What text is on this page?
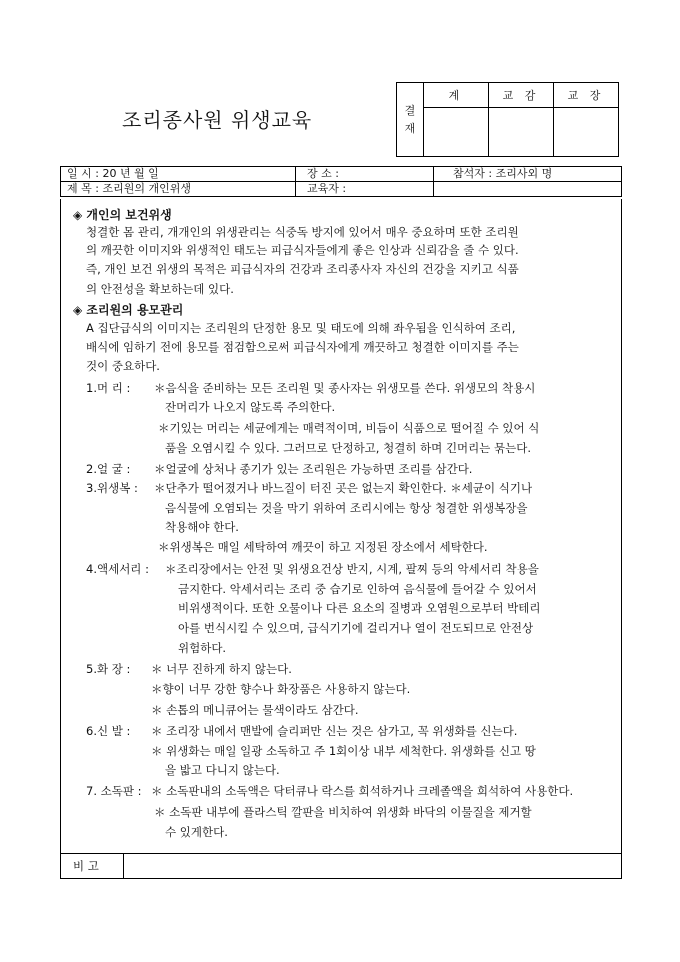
조리종사원 위생교육	결
재	계	교 감	교 장

일 시 : 20 년 월 일	장 소 :	참석자 : 조리사외 명
제 목 : 조리원의 개인위생	교육자 :
◈ 개인의 보건위생
청결한 몸 관리, 개개인의 위생관리는 식중독 방지에 있어서 매우 중요하며 또한 조리원
의 깨끗한 이미지와 위생적인 태도는 피급식자들에게 좋은 인상과 신뢰감을 줄 수 있다.
즉, 개인 보건 위생의 목적은 피급식자의 건강과 조리종사자 자신의 건강을 지키고 식품
의 안전성을 확보하는데 있다.
◈ 조리원의 용모관리
A 집단급식의 이미지는 조리원의 단정한 용모 및 태도에 의해 좌우됨을 인식하여 조리,
배식에 임하기 전에 용모를 점검함으로써 피급식자에게 깨끗하고 청결한 이미지를 주는
것이 중요하다.
1.머 리 : ＊음식을 준비하는 모든 조리원 및 종사자는 위생모를 쓴다. 위생모의 착용시
잔머리가 나오지 않도록 주의한다.
＊기있는 머리는 세균에게는 매력적이며, 비듬이 식품으로 떨어질 수 있어 식
품을 오염시킬 수 있다. 그러므로 단정하고, 청결히 하며 긴머리는 묶는다.
2.얼 굴 : ＊얼굴에 상처나 종기가 있는 조리원은 가능하면 조리를 삼간다.
3.위생복 : ＊단추가 떨어졌거나 바느질이 터진 곳은 없는지 확인한다. ＊세균이 식기나
음식물에 오염되는 것을 막기 위하여 조리시에는 항상 청결한 위생복장을
착용해야 한다.
＊위생복은 매일 세탁하여 깨끗이 하고 지정된 장소에서 세탁한다.
4.액세서리 : ＊조리장에서는 안전 및 위생요건상 반지, 시계, 팔찌 등의 악세서리 착용을
금지한다. 악세서리는 조리 중 습기로 인하여 음식물에 들어갈 수 있어서
비위생적이다. 또한 오물이나 다른 요소의 질병과 오염원으로부터 박테리
아를 번식시킬 수 있으며, 급식기기에 걸리거나 열이 전도되므로 안전상
위험하다.
5.화 장 : ＊ 너무 진하게 하지 않는다.
＊향이 너무 강한 향수나 화장품은 사용하지 않는다.
＊ 손톱의 메니큐어는 물색이라도 삼간다.
6.신 발 : ＊ 조리장 내에서 맨발에 슬리퍼만 신는 것은 삼가고, 꼭 위생화를 신는다.
＊ 위생화는 매일 일광 소독하고 주 1회이상 내부 세척한다. 위생화를 신고 땅
을 밟고 다니지 않는다.
7. 소독판 : ＊ 소독판내의 소독액은 닥터큐나 락스를 희석하거나 크레졸액을 희석하여 사용한다.
＊ 소독판 내부에 플라스틱 깔판을 비치하여 위생화 바닥의 이물질을 제거할
수 있게한다.
비 고
